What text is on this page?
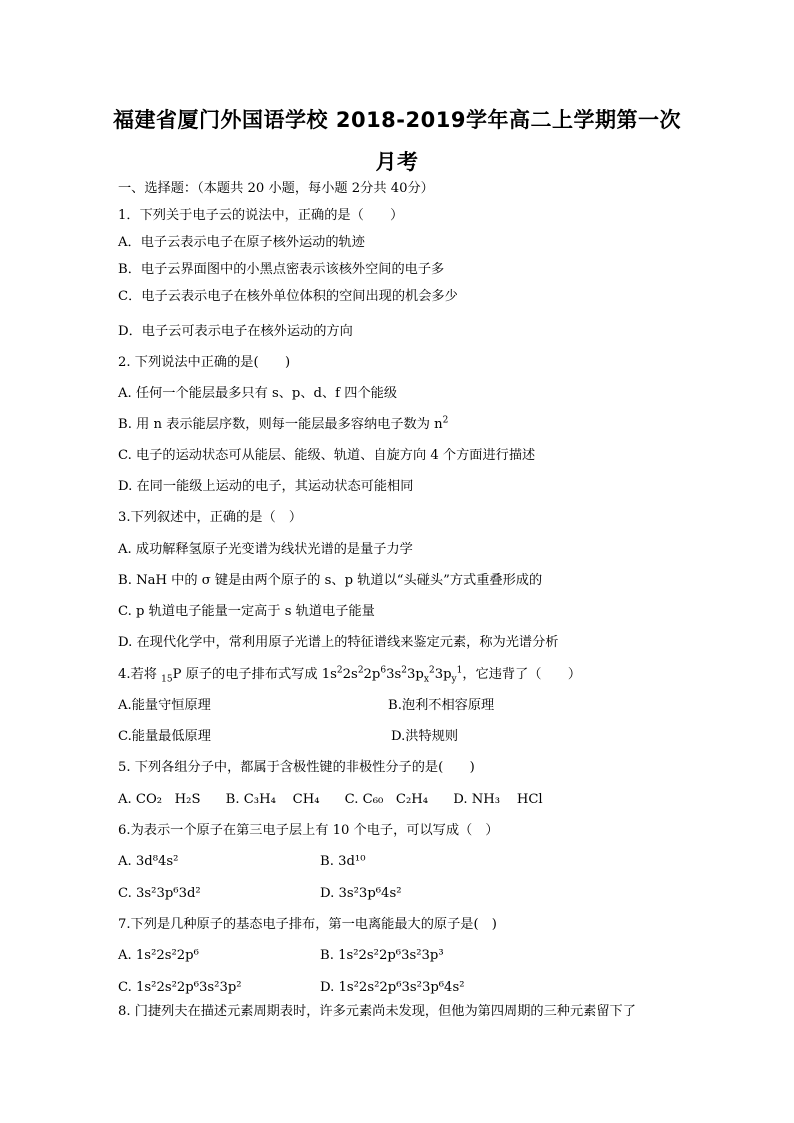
福建省厦门外国语学校 2018-2019学年高二上学期第一次
月考
一、选择题：（本题共 20 小题，每小题 2分共 40分）
1．下列关于电子云的说法中，正确的是（　　）
A．电子云表示电子在原子核外运动的轨迹
B．电子云界面图中的小黑点密表示该核外空间的电子多
C．电子云表示电子在核外单位体积的空间出现的机会多少
D．电子云可表示电子在核外运动的方向
2. 下列说法中正确的是(　　)
A. 任何一个能层最多只有 s、p、d、f 四个能级
B. 用 n 表示能层序数，则每一能层最多容纳电子数为 $n^2$
C. 电子的运动状态可从能层、能级、轨道、自旋方向 4 个方面进行描述
D. 在同一能级上运动的电子，其运动状态可能相同
3.下列叙述中，正确的是（　）
A. 成功解释氢原子光变谱为线状光谱的是量子力学
B. NaH 中的 σ 键是由两个原子的 s、p 轨道以“头碰头”方式重叠形成的
C. p 轨道电子能量一定高于 s 轨道电子能量
D. 在现代化学中，常利用原子光谱上的特征谱线来鉴定元素，称为光谱分析
4.若将 $_{15}$P 原子的电子排布式写成 $1s^22s^22p^63s^23p_x^23p_y^1$，它违背了（　　）
A.能量守恒原理	B.泡利不相容原理
C.能量最低原理	D.洪特规则
5. 下列各组分子中，都属于含极性键的非极性分子的是(　　)
A. CO₂   H₂S      B. C₃H₄    CH₄      C. C₆₀   C₂H₄      D. NH₃    HCl
6.为表示一个原子在第三电子层上有 10 个电子，可以写成（　）
A. 3d⁸4s²	B. 3d¹⁰
C. 3s²3p⁶3d²	D. 3s²3p⁶4s²
7.下列是几种原子的基态电子排布，第一电离能最大的原子是(　)
A. 1s²2s²2p⁶	B. 1s²2s²2p⁶3s²3p³
C. 1s²2s²2p⁶3s²3p²	D. 1s²2s²2p⁶3s²3p⁶4s²
8. 门捷列夫在描述元素周期表时，许多元素尚未发现，但他为第四周期的三种元素留下了
